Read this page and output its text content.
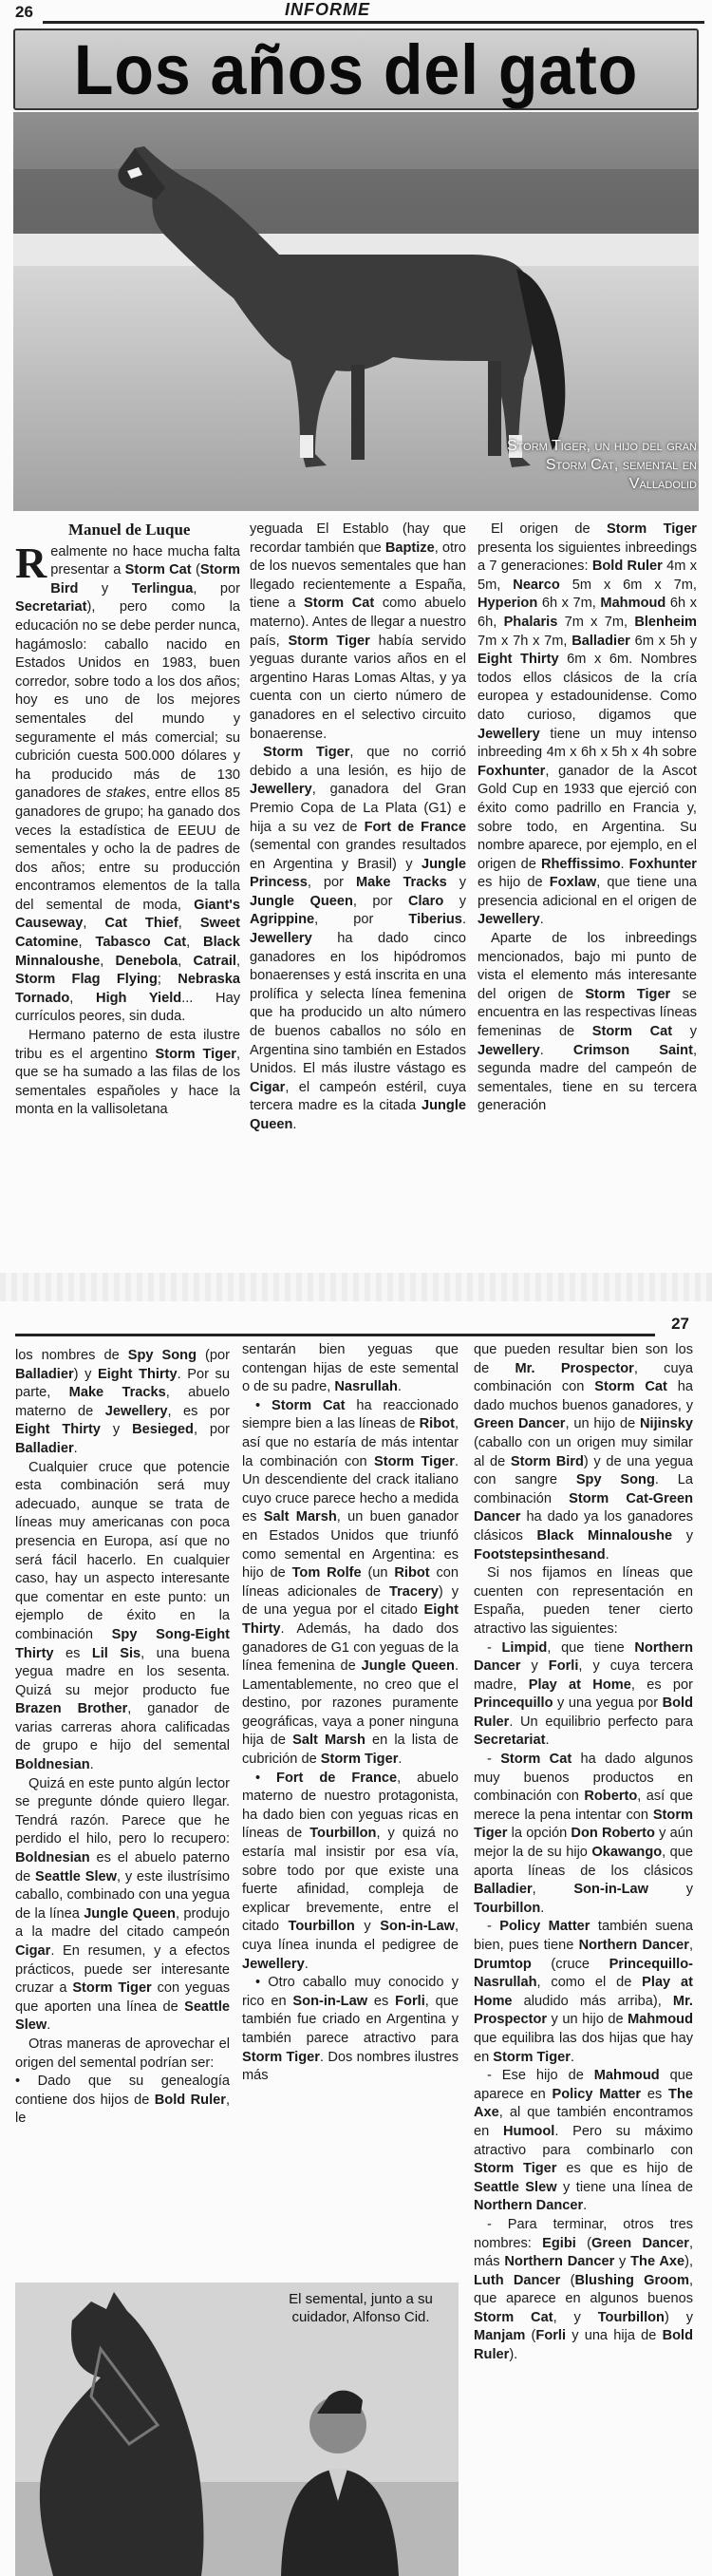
26	INFORME
Los años del gato
Storm Tiger, un hijo del gran Storm Cat, semental en Valladolid
Manuel de Luque

Realmente no hace mucha falta presentar a Storm Cat (Storm Bird y Terlingua, por Secretariat), pero como la educación no se debe perder nunca, hagámoslo: caballo nacido en Estados Unidos en 1983, buen corredor, sobre todo a los dos años; hoy es uno de los mejores sementales del mundo y seguramente el más comercial; su cubrición cuesta 500.000 dólares y ha producido más de 130 ganadores de stakes, entre ellos 85 ganadores de grupo; ha ganado dos veces la estadística de EEUU de sementales y ocho la de padres de dos años; entre su producción encontramos elementos de la talla del semental de moda, Giant's Causeway, Cat Thief, Sweet Catomine, Tabasco Cat, Black Minnaloushe, Denebola, Catrail, Storm Flag Flying; Nebraska Tornado, High Yield... Hay currículos peores, sin duda.

Hermano paterno de esta ilustre tribu es el argentino Storm Tiger, que se ha sumado a las filas de los sementales españoles y hace la monta en la vallisoletana

yeguada El Establo (hay que recordar también que Baptize, otro de los nuevos sementales que han llegado recientemente a España, tiene a Storm Cat como abuelo materno). Antes de llegar a nuestro país, Storm Tiger había servido yeguas durante varios años en el argentino Haras Lomas Altas, y ya cuenta con un cierto número de ganadores en el selectivo circuito bonaerense.

Storm Tiger, que no corrió debido a una lesión, es hijo de Jewellery, ganadora del Gran Premio Copa de La Plata (G1) e hija a su vez de Fort de France (semental con grandes resultados en Argentina y Brasil) y Jungle Princess, por Make Tracks y Jungle Queen, por Claro y Agrippine, por Tiberius. Jewellery ha dado cinco ganadores en los hipódromos bonaerenses y está inscrita en una prolífica y selecta línea femenina que ha producido un alto número de buenos caballos no sólo en Argentina sino también en Estados Unidos. El más ilustre vástago es Cigar, el campeón estéril, cuya tercera madre es la citada Jungle Queen.

El origen de Storm Tiger presenta los siguientes inbreedings a 7 generaciones: Bold Ruler 4m x 5m, Nearco 5m x 6m x 7m, Hyperion 6h x 7m, Mahmoud 6h x 6h, Phalaris 7m x 7m, Blenheim 7m x 7h x 7m, Balladier 6m x 5h y Eight Thirty 6m x 6m. Nombres todos ellos clásicos de la cría europea y estadounidense. Como dato curioso, digamos que Jewellery tiene un muy intenso inbreeding 4m x 6h x 5h x 4h sobre Foxhunter, ganador de la Ascot Gold Cup en 1933 que ejerció con éxito como padrillo en Francia y, sobre todo, en Argentina. Su nombre aparece, por ejemplo, en el origen de Rheffissimo. Foxhunter es hijo de Foxlaw, que tiene una presencia adicional en el origen de Jewellery.

Aparte de los inbreedings mencionados, bajo mi punto de vista el elemento más interesante del origen de Storm Tiger se encuentra en las respectivas líneas femeninas de Storm Cat y Jewellery. Crimson Saint, segunda madre del campeón de sementales, tiene en su tercera generación

27

los nombres de Spy Song (por Balladier) y Eight Thirty. Por su parte, Make Tracks, abuelo materno de Jewellery, es por Eight Thirty y Besieged, por Balladier.

Cualquier cruce que potencie esta combinación será muy adecuado, aunque se trata de líneas muy americanas con poca presencia en Europa, así que no será fácil hacerlo. En cualquier caso, hay un aspecto interesante que comentar en este punto: un ejemplo de éxito en la combinación Spy Song-Eight Thirty es Lil Sis, una buena yegua madre en los sesenta. Quizá su mejor producto fue Brazen Brother, ganador de varias carreras ahora calificadas de grupo e hijo del semental Boldnesian.

Quizá en este punto algún lector se pregunte dónde quiero llegar. Tendrá razón. Parece que he perdido el hilo, pero lo recupero: Boldnesian es el abuelo paterno de Seattle Slew, y este ilustrísimo caballo, combinado con una yegua de la línea Jungle Queen, produjo a la madre del citado campeón Cigar. En resumen, y a efectos prácticos, puede ser interesante cruzar a Storm Tiger con yeguas que aporten una línea de Seattle Slew.

Otras maneras de aprovechar el origen del semental podrían ser:

• Dado que su genealogía contiene dos hijos de Bold Ruler, le

sentarán bien yeguas que contengan hijas de este semental o de su padre, Nasrullah.

• Storm Cat ha reaccionado siempre bien a las líneas de Ribot, así que no estaría de más intentar la combinación con Storm Tiger. Un descendiente del crack italiano cuyo cruce parece hecho a medida es Salt Marsh, un buen ganador en Estados Unidos que triunfó como semental en Argentina: es hijo de Tom Rolfe (un Ribot con líneas adicionales de Tracery) y de una yegua por el citado Eight Thirty. Además, ha dado dos ganadores de G1 con yeguas de la línea femenina de Jungle Queen. Lamentablemente, no creo que el destino, por razones puramente geográficas, vaya a poner ninguna hija de Salt Marsh en la lista de cubrición de Storm Tiger.

• Fort de France, abuelo materno de nuestro protagonista, ha dado bien con yeguas ricas en líneas de Tourbillon, y quizá no estaría mal insistir por esa vía, sobre todo por que existe una fuerte afinidad, compleja de explicar brevemente, entre el citado Tourbillon y Son-in-Law, cuya línea inunda el pedigree de Jewellery.

• Otro caballo muy conocido y rico en Son-in-Law es Forli, que también fue criado en Argentina y también parece atractivo para Storm Tiger. Dos nombres ilustres más

que pueden resultar bien son los de Mr. Prospector, cuya combinación con Storm Cat ha dado muchos buenos ganadores, y Green Dancer, un hijo de Nijinsky (caballo con un origen muy similar al de Storm Bird) y de una yegua con sangre Spy Song. La combinación Storm Cat-Green Dancer ha dado ya los ganadores clásicos Black Minnaloushe y Footstepsinthesand.

Si nos fijamos en líneas que cuenten con representación en España, pueden tener cierto atractivo las siguientes:

- Limpid, que tiene Northern Dancer y Forli, y cuya tercera madre, Play at Home, es por Princequillo y una yegua por Bold Ruler. Un equilibrio perfecto para Secretariat.

- Storm Cat ha dado algunos muy buenos productos en combinación con Roberto, así que merece la pena intentar con Storm Tiger la opción Don Roberto y aún mejor la de su hijo Okawango, que aporta líneas de los clásicos Balladier, Son-in-Law y Tourbillon.

- Policy Matter también suena bien, pues tiene Northern Dancer, Drumtop (cruce Princequillo-Nasrullah, como el de Play at Home aludido más arriba), Mr. Prospector y un hijo de Mahmoud que equilibra las dos hijas que hay en Storm Tiger.

- Ese hijo de Mahmoud que aparece en Policy Matter es The Axe, al que también encontramos en Humool. Pero su máximo atractivo para combinarlo con Storm Tiger es que es hijo de Seattle Slew y tiene una línea de Northern Dancer.

- Para terminar, otros tres nombres: Egibi (Green Dancer, más Northern Dancer y The Axe), Luth Dancer (Blushing Groom, que aparece en algunos buenos Storm Cat, y Tourbillon) y Manjam (Forli y una hija de Bold Ruler).

El semental, junto a su cuidador, Alfonso Cid.
